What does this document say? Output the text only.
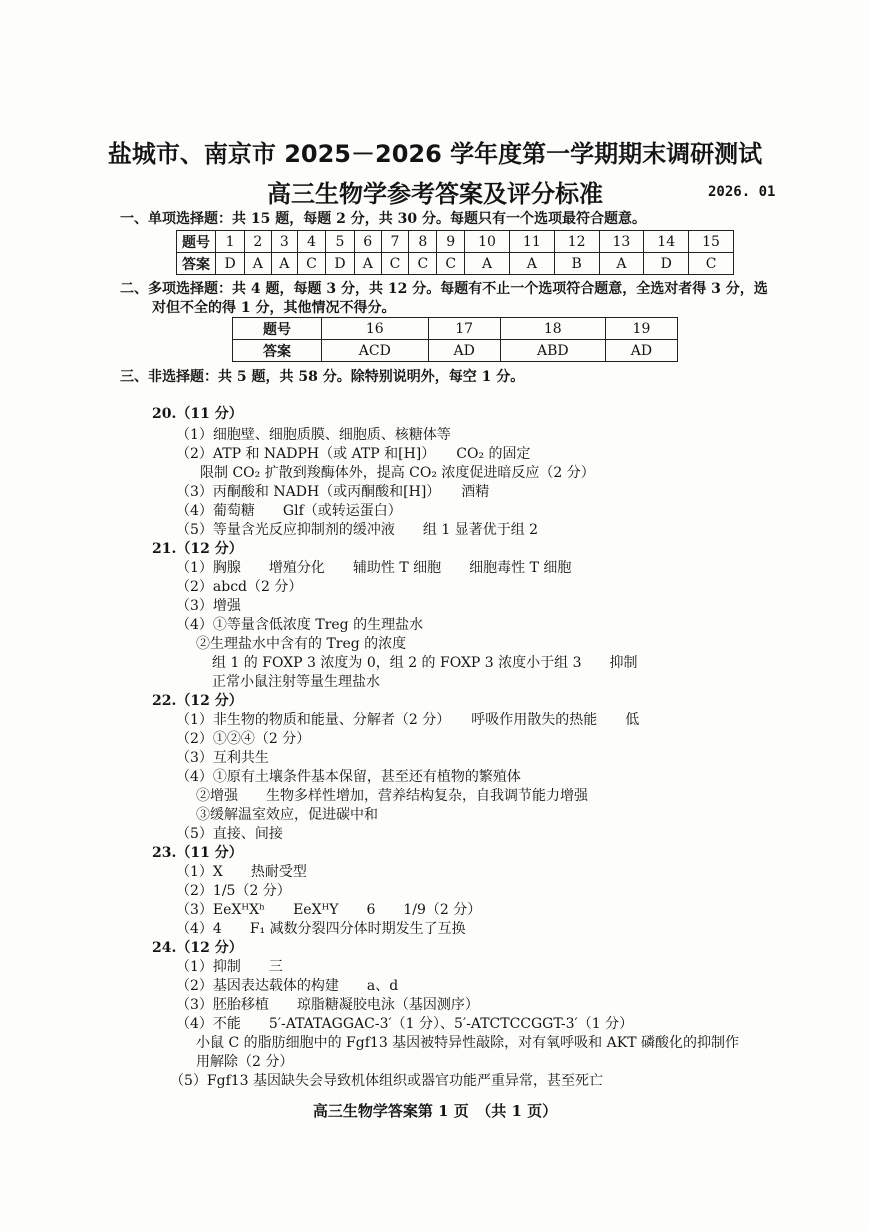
盐城市、南京市 2025－2026 学年度第一学期期末调研测试
高三生物学参考答案及评分标准	2026. 01
一、单项选择题：共 15 题，每题 2 分，共 30 分。每题只有一个选项最符合题意。
题号	1	2	3	4	5	6	7	8	9	10	11	12	13	14	15
答案	D	A	A	C	D	A	C	C	C	A	A	B	A	D	C
二、多项选择题：共 4 题，每题 3 分，共 12 分。每题有不止一个选项符合题意，全选对者得 3 分，选
对但不全的得 1 分，其他情况不得分。
题号	16	17	18	19
答案	ACD	AD	ABD	AD
三、非选择题：共 5 题，共 58 分。除特别说明外，每空 1 分。
20.（11 分）
（1）细胞壁、细胞质膜、细胞质、核糖体等
（2）ATP 和 NADPH（或 ATP 和[H]）　　CO₂ 的固定
限制 CO₂ 扩散到羧酶体外，提高 CO₂ 浓度促进暗反应（2 分）
（3）丙酮酸和 NADH（或丙酮酸和[H]）　　酒精
（4）葡萄糖　　Glf（或转运蛋白）
（5）等量含光反应抑制剂的缓冲液　　组 1 显著优于组 2
21.（12 分）
（1）胸腺　　增殖分化　　辅助性 T 细胞　　细胞毒性 T 细胞
（2）abcd（2 分）
（3）增强
（4）①等量含低浓度 Treg 的生理盐水
②生理盐水中含有的 Treg 的浓度
组 1 的 FOXP 3 浓度为 0，组 2 的 FOXP 3 浓度小于组 3　　抑制
正常小鼠注射等量生理盐水
22.（12 分）
（1）非生物的物质和能量、分解者（2 分）　　呼吸作用散失的热能　　低
（2）①②④（2 分）
（3）互利共生
（4）①原有土壤条件基本保留，甚至还有植物的繁殖体
②增强　　生物多样性增加，营养结构复杂，自我调节能力增强
③缓解温室效应，促进碳中和
（5）直接、间接
23.（11 分）
（1）X　　热耐受型
（2）1/5（2 分）
（3）EeXᴴXʰ　　EeXᴴY　　6　　1/9（2 分）
（4）4　　F₁ 减数分裂四分体时期发生了互换
24.（12 分）
（1）抑制　　三
（2）基因表达载体的构建　　a、d
（3）胚胎移植　　琼脂糖凝胶电泳（基因测序）
（4）不能　　5′-ATATAGGAC-3′（1 分）、5′-ATCTCCGGT-3′（1 分）
小鼠 C 的脂肪细胞中的 Fgf13 基因被特异性敲除，对有氧呼吸和 AKT 磷酸化的抑制作
用解除（2 分）
（5）Fgf13 基因缺失会导致机体组织或器官功能严重异常，甚至死亡
高三生物学答案第 1 页　（共 1 页）
